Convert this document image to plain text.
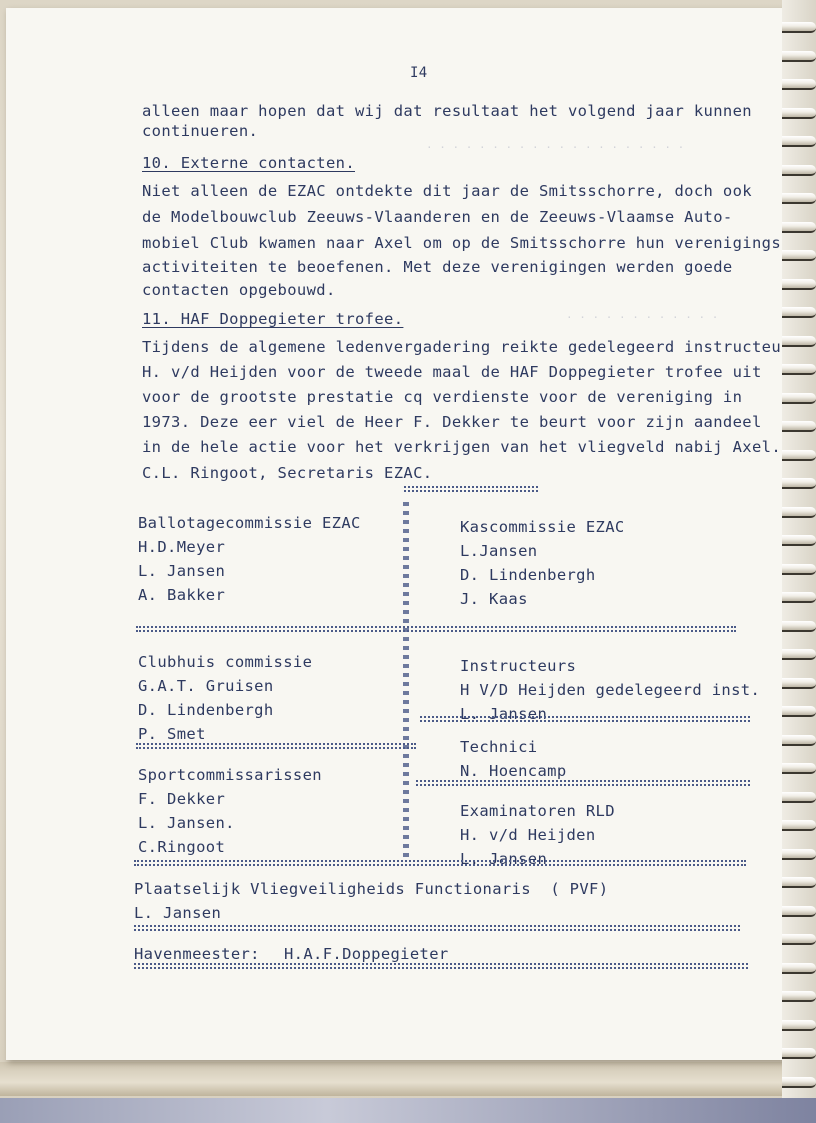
. . . . . . . . . . . . . . . . . . . .
. . . . . . . . . . . .
I4
alleen maar hopen dat wij dat resultaat het volgend jaar kunnen
continueren.
10. Externe contacten.
Niet alleen de EZAC ontdekte dit jaar de Smitsschorre, doch ook
de Modelbouwclub Zeeuws-Vlaanderen en de Zeeuws-Vlaamse Auto-
mobiel Club kwamen naar Axel om op de Smitsschorre hun verenigings
activiteiten te beoefenen. Met deze verenigingen werden goede
contacten opgebouwd.
11. HAF Doppegieter trofee.
Tijdens de algemene ledenvergadering reikte gedelegeerd instructeu
H. v/d Heijden voor de tweede maal de HAF Doppegieter trofee uit
voor de grootste prestatie cq verdienste voor de vereniging in
1973. Deze eer viel de Heer F. Dekker te beurt voor zijn aandeel
in de hele actie voor het verkrijgen van het vliegveld nabij Axel.
C.L. Ringoot, Secretaris EZAC.
Ballotagecommissie EZAC
H.D.Meyer
L. Jansen
A. Bakker
Kascommissie EZAC
L.Jansen
D. Lindenbergh
J. Kaas
Clubhuis commissie
G.A.T. Gruisen
D. Lindenbergh
P. Smet
Instructeurs
H V/D Heijden gedelegeerd inst.
L. Jansen
Technici
N. Hoencamp
Sportcommissarissen
F. Dekker
L. Jansen.
C.Ringoot
Examinatoren RLD
H. v/d Heijden
L. Jansen
Plaatselijk Vliegveiligheids Functionaris  ( PVF)
L. Jansen
Havenmeester: H.A.F.Doppegieter
